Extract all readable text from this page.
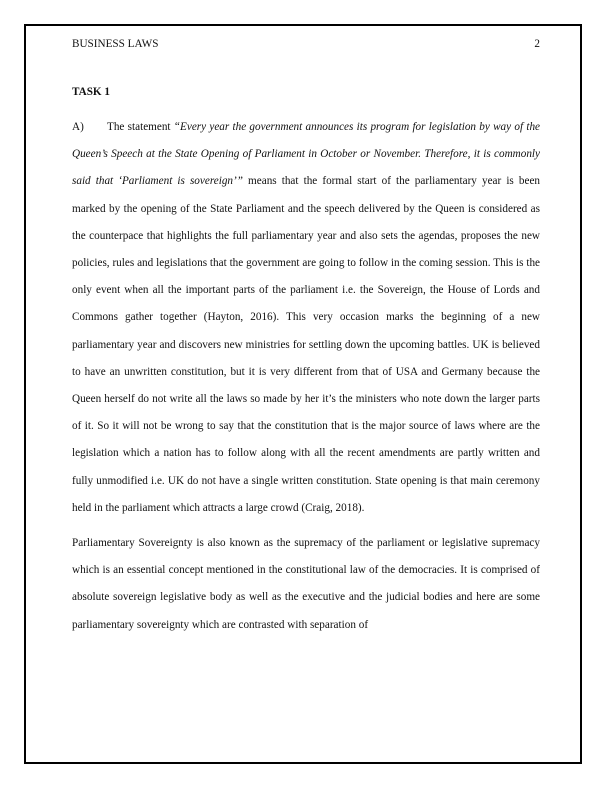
BUSINESS LAWS	2
TASK 1

A) The statement “Every year the government announces its program for legislation by way of the Queen’s Speech at the State Opening of Parliament in October or November. Therefore, it is commonly said that ‘Parliament is sovereign’” means that the formal start of the parliamentary year is been marked by the opening of the State Parliament and the speech delivered by the Queen is considered as the counterpace that highlights the full parliamentary year and also sets the agendas, proposes the new policies, rules and legislations that the government are going to follow in the coming session. This is the only event when all the important parts of the parliament i.e. the Sovereign, the House of Lords and Commons gather together (Hayton, 2016). This very occasion marks the beginning of a new parliamentary year and discovers new ministries for settling down the upcoming battles. UK is believed to have an unwritten constitution, but it is very different from that of USA and Germany because the Queen herself do not write all the laws so made by her it’s the ministers who note down the larger parts of it. So it will not be wrong to say that the constitution that is the major source of laws where are the legislation which a nation has to follow along with all the recent amendments are partly written and fully unmodified i.e. UK do not have a single written constitution. State opening is that main ceremony held in the parliament which attracts a large crowd (Craig, 2018).

Parliamentary Sovereignty is also known as the supremacy of the parliament or legislative supremacy which is an essential concept mentioned in the constitutional law of the democracies. It is comprised of absolute sovereign legislative body as well as the executive and the judicial bodies and here are some parliamentary sovereignty which are contrasted with separation of
